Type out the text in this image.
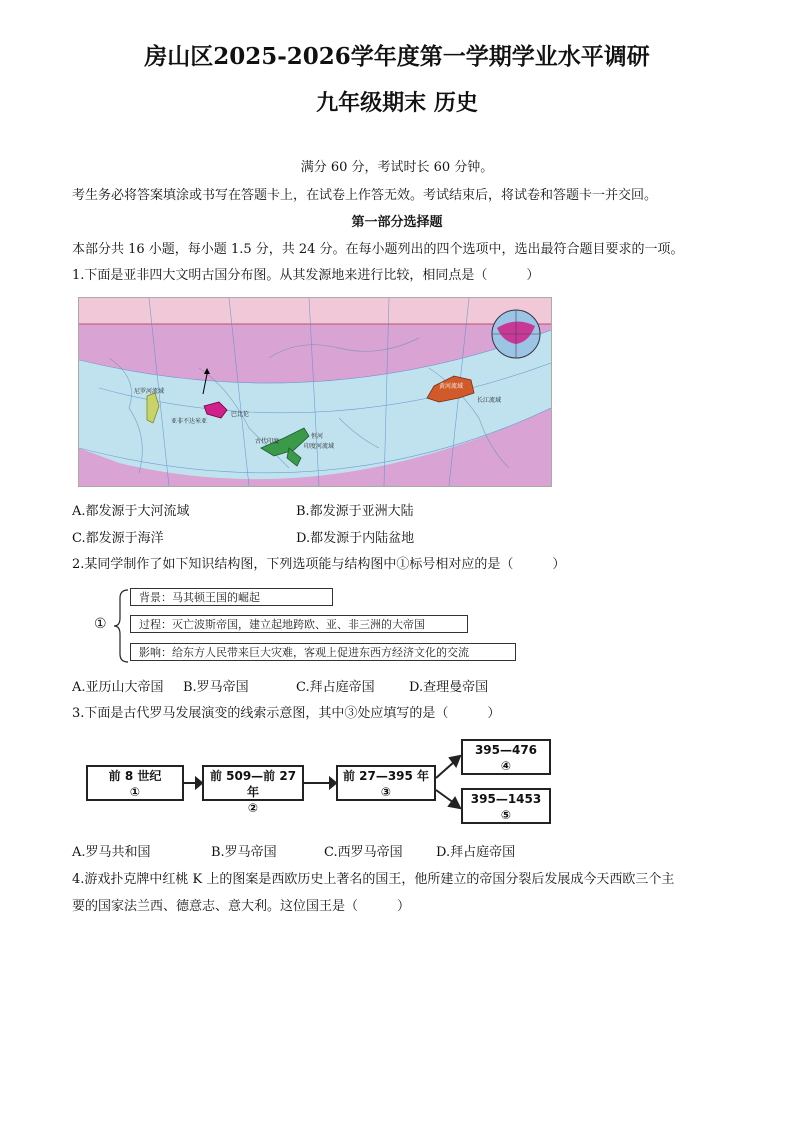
房山区2025-2026学年度第一学期学业水平调研
九年级期末 历史
满分 60 分，考试时长 60 分钟。
考生务必将答案填涂或书写在答题卡上，在试卷上作答无效。考试结束后，将试卷和答题卡一并交回。
第一部分选择题
本部分共 16 小题，每小题 1.5 分，共 24 分。在每小题列出的四个选项中，选出最符合题目要求的一项。
1.下面是亚非四大文明古国分布图。从其发源地来进行比较，相同点是（　　　）
尼罗河流域
亚非不达米亚
巴比伦
古代印度
印度河流域
恒河
黄河流域
长江流域
A.都发源于大河流域	B.都发源于亚洲大陆
C.都发源于海洋	D.都发源于内陆盆地
2.某同学制作了如下知识结构图，下列选项能与结构图中①标号相对应的是（　　　）
①
背景：马其顿王国的崛起
过程：灭亡波斯帝国，建立起地跨欧、亚、非三洲的大帝国
影响：给东方人民带来巨大灾难，客观上促进东西方经济文化的交流
A.亚历山大帝国 B.罗马帝国	C.拜占庭帝国	D.查理曼帝国
3.下面是古代罗马发展演变的线索示意图，其中③处应填写的是（　　　）
前 8 世纪
①
前 509—前 27 年
②
前 27—395 年
③
395—476
④
395—1453
⑤
A.罗马共和国	B.罗马帝国	C.西罗马帝国	D.拜占庭帝国
4.游戏扑克牌中红桃 K 上的图案是西欧历史上著名的国王，他所建立的帝国分裂后发展成今天西欧三个主
要的国家法兰西、德意志、意大利。这位国王是（　　　）
